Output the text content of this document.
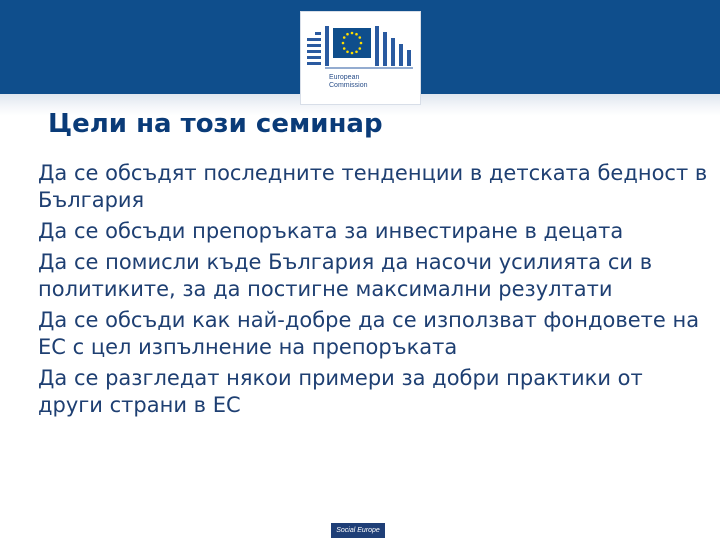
European
Commission
Цели на този семинар
Да се обсъдят последните тенденции в детската бедност в България
Да се обсъди препоръката за инвестиране в децата
Да се помисли къде България да насочи усилията си в политиките, за да постигне максимални резултати
Да се обсъди как най-добре да се използват фондовете на ЕС с цел изпълнение на препоръката
Да се разгледат някои примери за добри практики от други страни в ЕС
Social Europe
